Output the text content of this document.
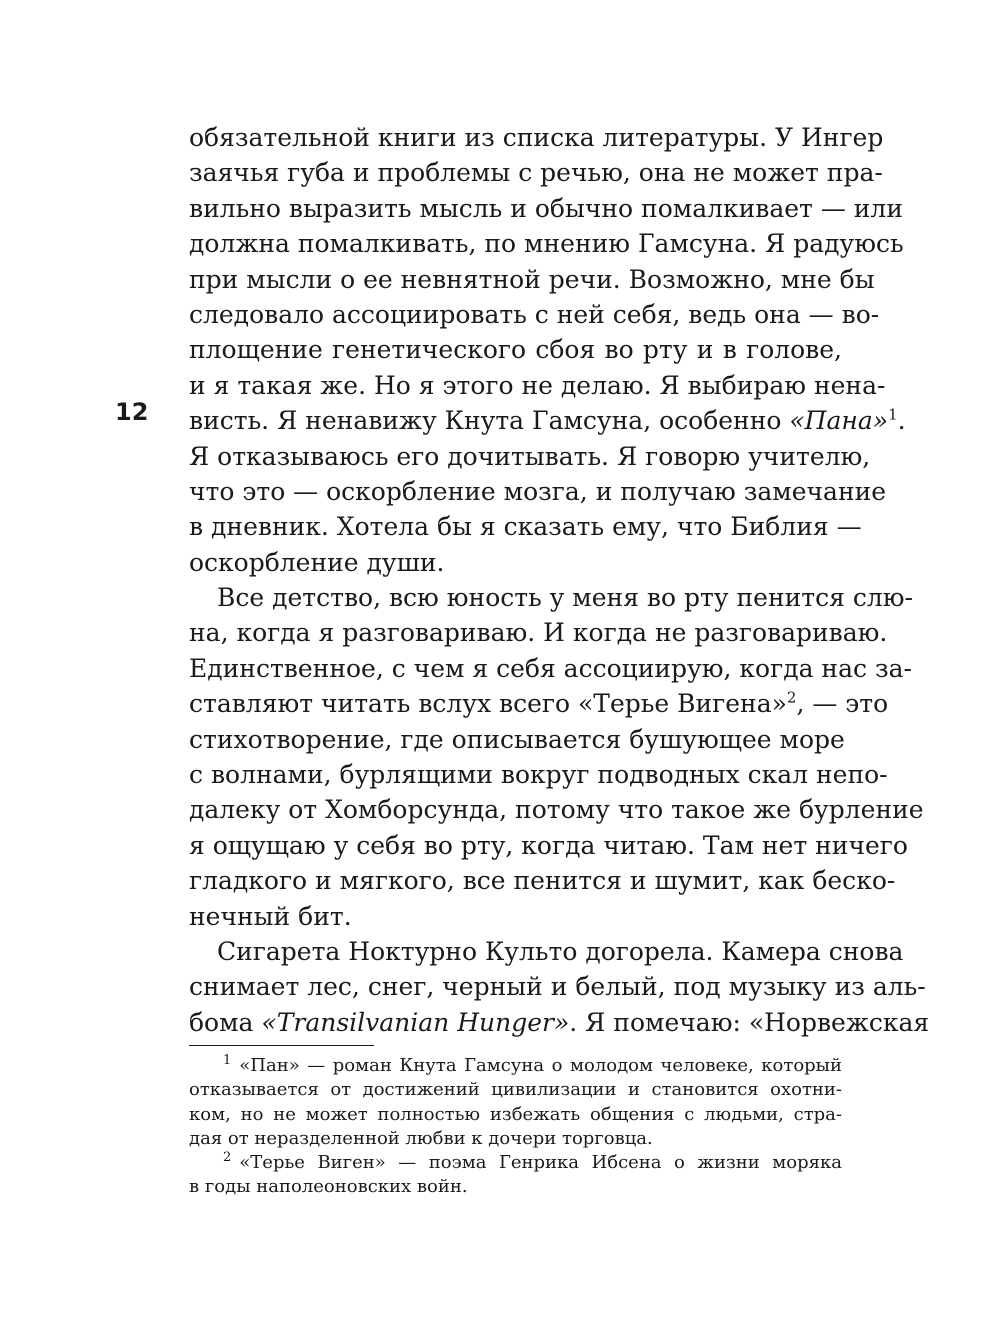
12
обязательной книги из списка литературы. У Ингер
заячья губа и проблемы с речью, она не может пра-
вильно выразить мысль и обычно помалкивает — или
должна помалкивать, по мнению Гамсуна. Я радуюсь
при мысли о ее невнятной речи. Возможно, мне бы
следовало ассоциировать с ней себя, ведь она — во-
площение генетического сбоя во рту и в голове,
и я такая же. Но я этого не делаю. Я выбираю нена-
висть. Я ненавижу Кнута Гамсуна, особенно «Пана»$^1$.
Я отказываюсь его дочитывать. Я говорю учителю,
что это — оскорбление мозга, и получаю замечание
в дневник. Хотела бы я сказать ему, что Библия —
оскорбление души.
Все детство, всю юность у меня во рту пенится слю-
на, когда я разговариваю. И когда не разговариваю.
Единственное, с чем я себя ассоциирую, когда нас за-
ставляют читать вслух всего «Терье Вигена»$^2$, — это
стихотворение, где описывается бушующее море
с волнами, бурлящими вокруг подводных скал непо-
далеку от Хомборсунда, потому что такое же бурление
я ощущаю у себя во рту, когда читаю. Там нет ничего
гладкого и мягкого, все пенится и шумит, как беско-
нечный бит.
Сигарета Ноктурно Культо догорела. Камера снова
снимает лес, снег, черный и белый, под музыку из аль-
бома «Transilvanian Hunger». Я помечаю: «Норвежская
$^1$ «Пан» — роман Кнута Гамсуна о молодом человеке, который
отказывается от достижений цивилизации и становится охотни-
ком, но не может полностью избежать общения с людьми, стра-
дая от неразделенной любви к дочери торговца.
$^2$ «Терье Виген» — поэма Генрика Ибсена о жизни моряка
в годы наполеоновских войн.
